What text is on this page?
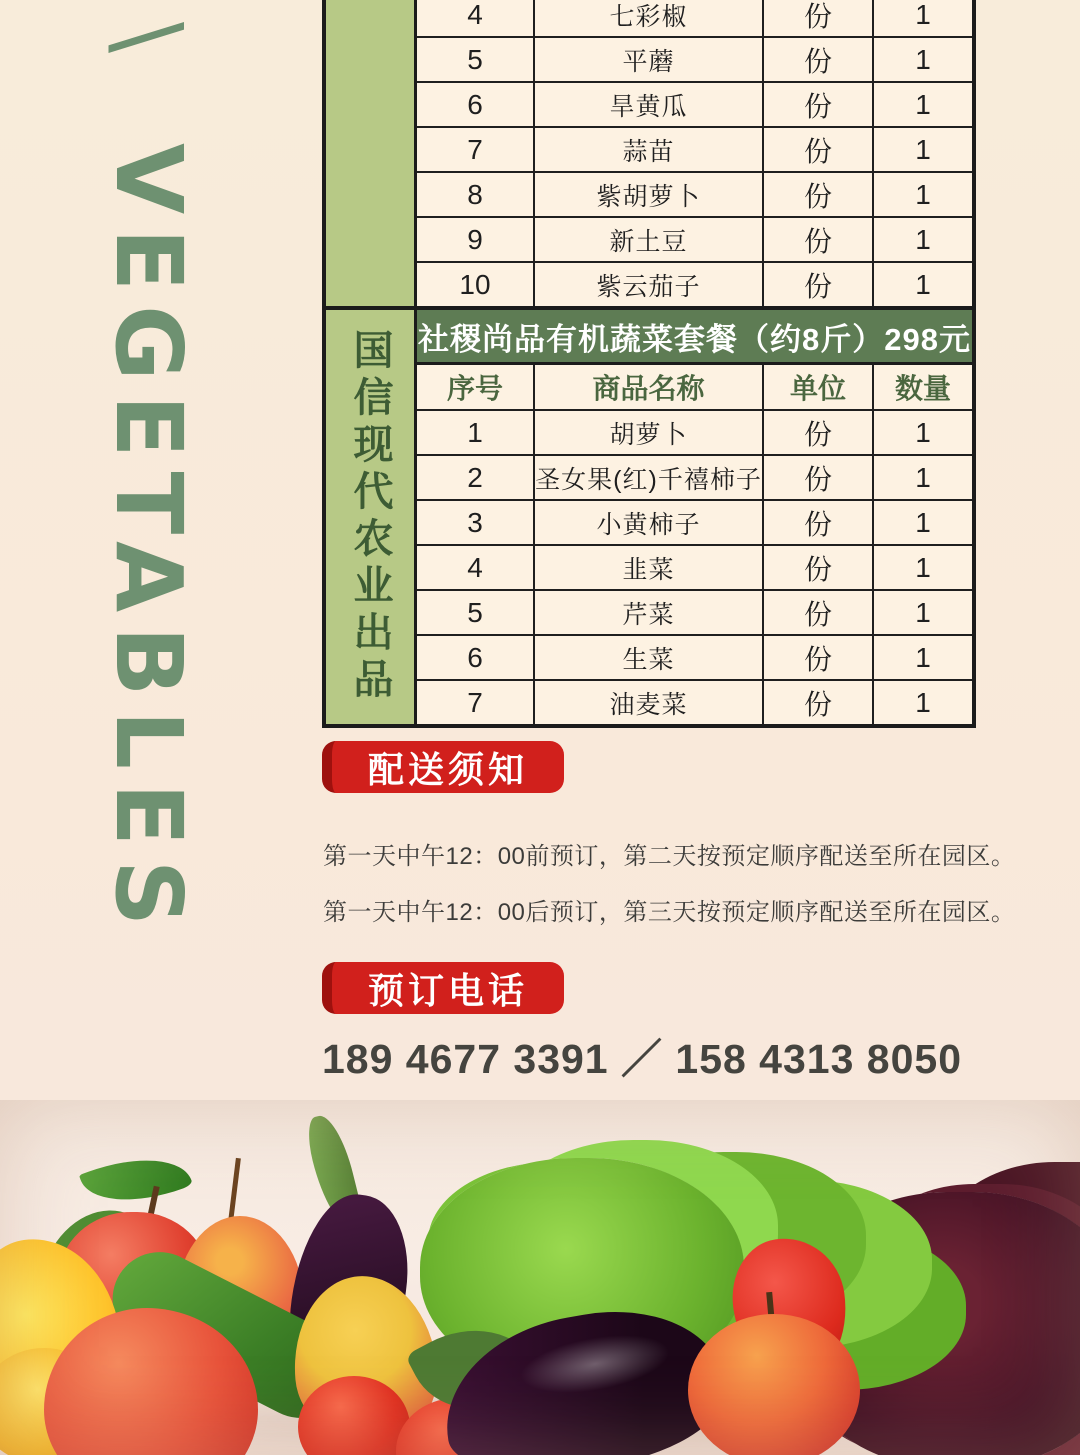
\ VEGETABLES
4	七彩椒	份	1
5	平蘑	份	1
6	旱黄瓜	份	1
7	蒜苗	份	1
8	紫胡萝卜	份	1
9	新土豆	份	1
10	紫云茄子	份	1
国信现代农业出品 社稷尚品有机蔬菜套餐（约8斤）298元
序号	商品名称	单位	数量
1	胡萝卜	份	1
2	圣女果(红)千禧柿子	份	1
3	小黄柿子	份	1
4	韭菜	份	1
5	芹菜	份	1
6	生菜	份	1
7	油麦菜	份	1
配送须知
第一天中午12：00前预订，第二天按预定顺序配送至所在园区。
第一天中午12：00后预订，第三天按预定顺序配送至所在园区。
预订电话
189 4677 3391 ／ 158 4313 8050
